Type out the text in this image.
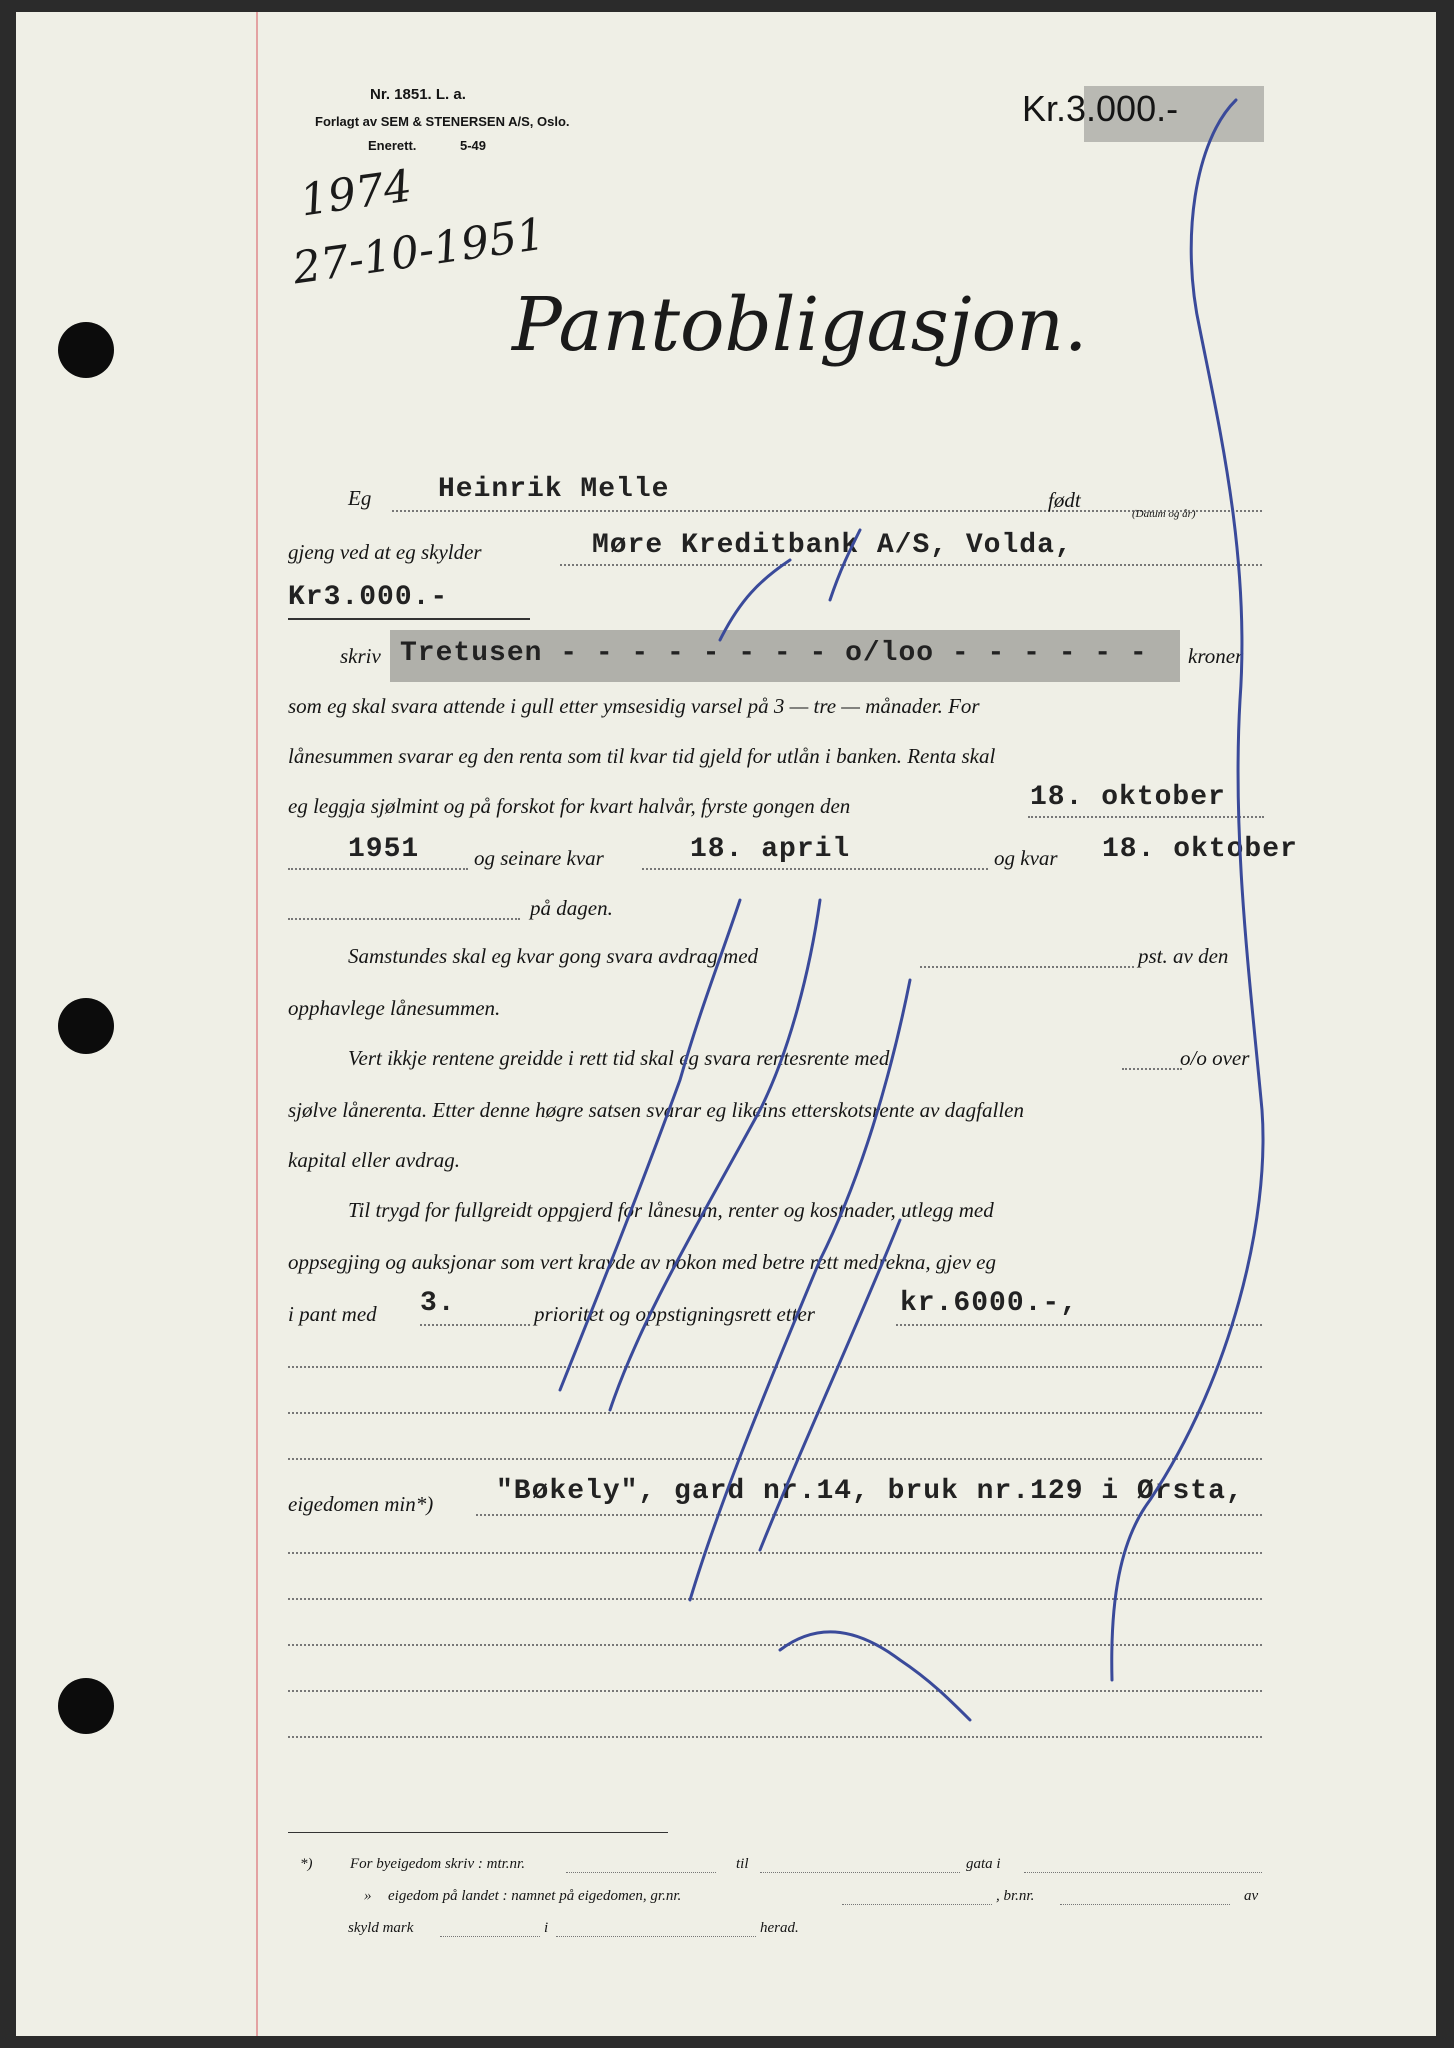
Nr. 1851. L. a.
Forlagt av SEM & STENERSEN A/S, Oslo.
Enerett.	5-49
Kr.3.000.-
1974
27-10-1951
Pantobligasjon.
Eg Heinrik Melle	født
(Datum og år)
gjeng ved at eg skylder	Møre Kreditbank A/S, Volda,
Kr3.000.-
skriv Tretusen - - - - - - - - o/loo - - - - - - kroner
som eg skal svara attende i gull etter ymsesidig varsel på 3 — tre — månader. For
lånesummen svarar eg den renta som til kvar tid gjeld for utlån i banken. Renta skal
eg leggja sjølmint og på forskot for kvart halvår, fyrste gongen den	18. oktober
1951	og seinare kvar	18. april	og kvar 18. oktober
på dagen.
Samstundes skal eg kvar gong svara avdrag med	pst. av den
opphavlege lånesummen.
Vert ikkje rentene greidde i rett tid skal eg svara rentesrente med	o/o over
sjølve lånerenta. Etter denne høgre satsen svarar eg likeins etterskotsrente av dagfallen
kapital eller avdrag.
Til trygd for fullgreidt oppgjerd for lånesum, renter og kostnader, utlegg med
oppsegjing og auksjonar som vert kravde av nokon med betre rett medrekna, gjev eg
i pant med 3.	prioritet og oppstigningsrett etter	kr.6000.-,
eigedomen min*) "Bøkely", gard nr.14, bruk nr.129 i Ørsta,
*)	For byeigedom skriv : mtr.nr.	til	gata i
» eigedom på landet : namnet på eigedomen, gr.nr.	, br.nr.	av
skyld mark	i	herad.
